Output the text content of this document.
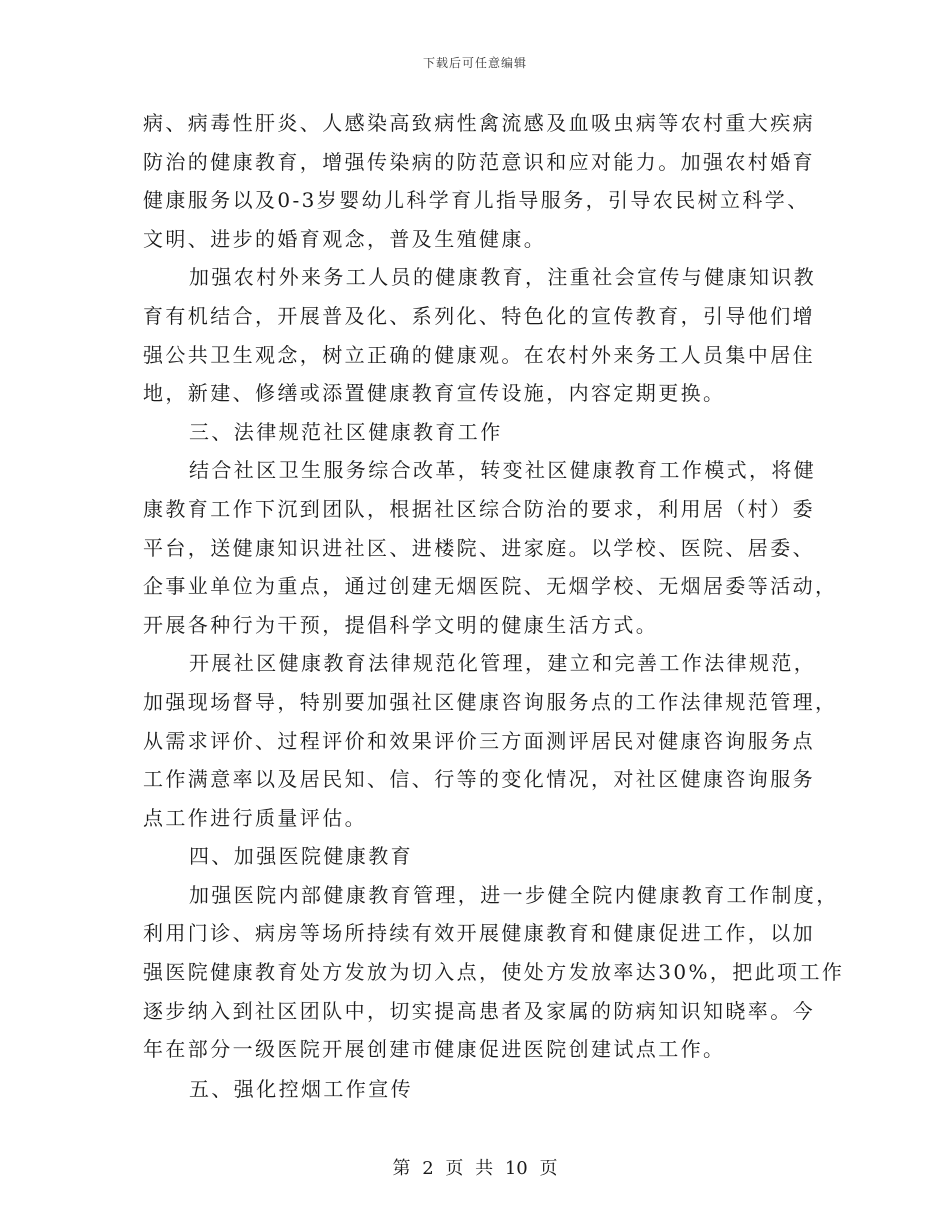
下载后可任意编辑
病、病毒性肝炎、人感染高致病性禽流感及血吸虫病等农村重大疾病
防治的健康教育，增强传染病的防范意识和应对能力。加强农村婚育
健康服务以及0-3岁婴幼儿科学育儿指导服务，引导农民树立科学、
文明、进步的婚育观念，普及生殖健康。
加强农村外来务工人员的健康教育，注重社会宣传与健康知识教
育有机结合，开展普及化、系列化、特色化的宣传教育，引导他们增
强公共卫生观念，树立正确的健康观。在农村外来务工人员集中居住
地，新建、修缮或添置健康教育宣传设施，内容定期更换。
三、法律规范社区健康教育工作
结合社区卫生服务综合改革，转变社区健康教育工作模式，将健
康教育工作下沉到团队，根据社区综合防治的要求，利用居（村）委
平台，送健康知识进社区、进楼院、进家庭。以学校、医院、居委、
企事业单位为重点，通过创建无烟医院、无烟学校、无烟居委等活动，
开展各种行为干预，提倡科学文明的健康生活方式。
开展社区健康教育法律规范化管理，建立和完善工作法律规范，
加强现场督导，特别要加强社区健康咨询服务点的工作法律规范管理，
从需求评价、过程评价和效果评价三方面测评居民对健康咨询服务点
工作满意率以及居民知、信、行等的变化情况，对社区健康咨询服务
点工作进行质量评估。
四、加强医院健康教育
加强医院内部健康教育管理，进一步健全院内健康教育工作制度，
利用门诊、病房等场所持续有效开展健康教育和健康促进工作，以加
强医院健康教育处方发放为切入点，使处方发放率达30%，把此项工作
逐步纳入到社区团队中，切实提高患者及家属的防病知识知晓率。今
年在部分一级医院开展创建市健康促进医院创建试点工作。
五、强化控烟工作宣传
第 2 页 共 10 页
